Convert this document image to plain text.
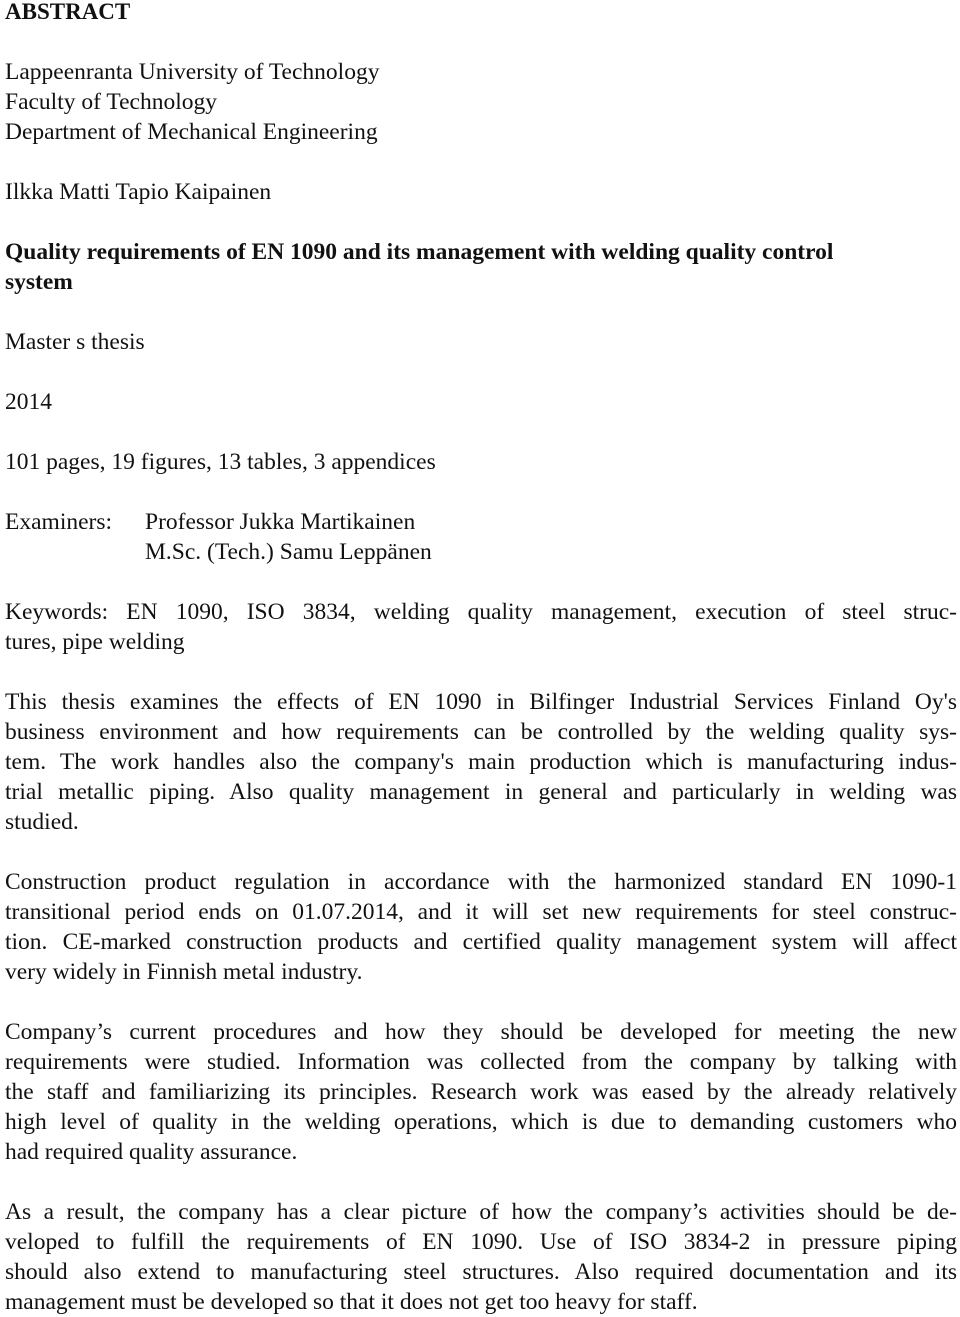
ABSTRACT
Lappeenranta University of Technology
Faculty of Technology
Department of Mechanical Engineering
Ilkka Matti Tapio Kaipainen
Quality requirements of EN 1090 and its management with welding quality control
system
Master s thesis
2014
101 pages, 19 figures, 13 tables, 3 appendices
Examiners: Professor Jukka Martikainen
M.Sc. (Tech.) Samu Leppänen
Keywords: EN 1090, ISO 3834, welding quality management, execution of steel struc-
tures, pipe welding
This thesis examines the effects of EN 1090 in Bilfinger Industrial Services Finland Oy's
business environment and how requirements can be controlled by the welding quality sys-
tem. The work handles also the company's main production which is manufacturing indus-
trial metallic piping. Also quality management in general and particularly in welding was
studied.
Construction product regulation in accordance with the harmonized standard EN 1090-1
transitional period ends on 01.07.2014, and it will set new requirements for steel construc-
tion. CE-marked construction products and certified quality management system will affect
very widely in Finnish metal industry.
Company’s current procedures and how they should be developed for meeting the new
requirements were studied. Information was collected from the company by talking with
the staff and familiarizing its principles. Research work was eased by the already relatively
high level of quality in the welding operations, which is due to demanding customers who
had required quality assurance.
As a result, the company has a clear picture of how the company’s activities should be de-
veloped to fulfill the requirements of EN 1090. Use of ISO 3834-2 in pressure piping
should also extend to manufacturing steel structures. Also required documentation and its
management must be developed so that it does not get too heavy for staff.
